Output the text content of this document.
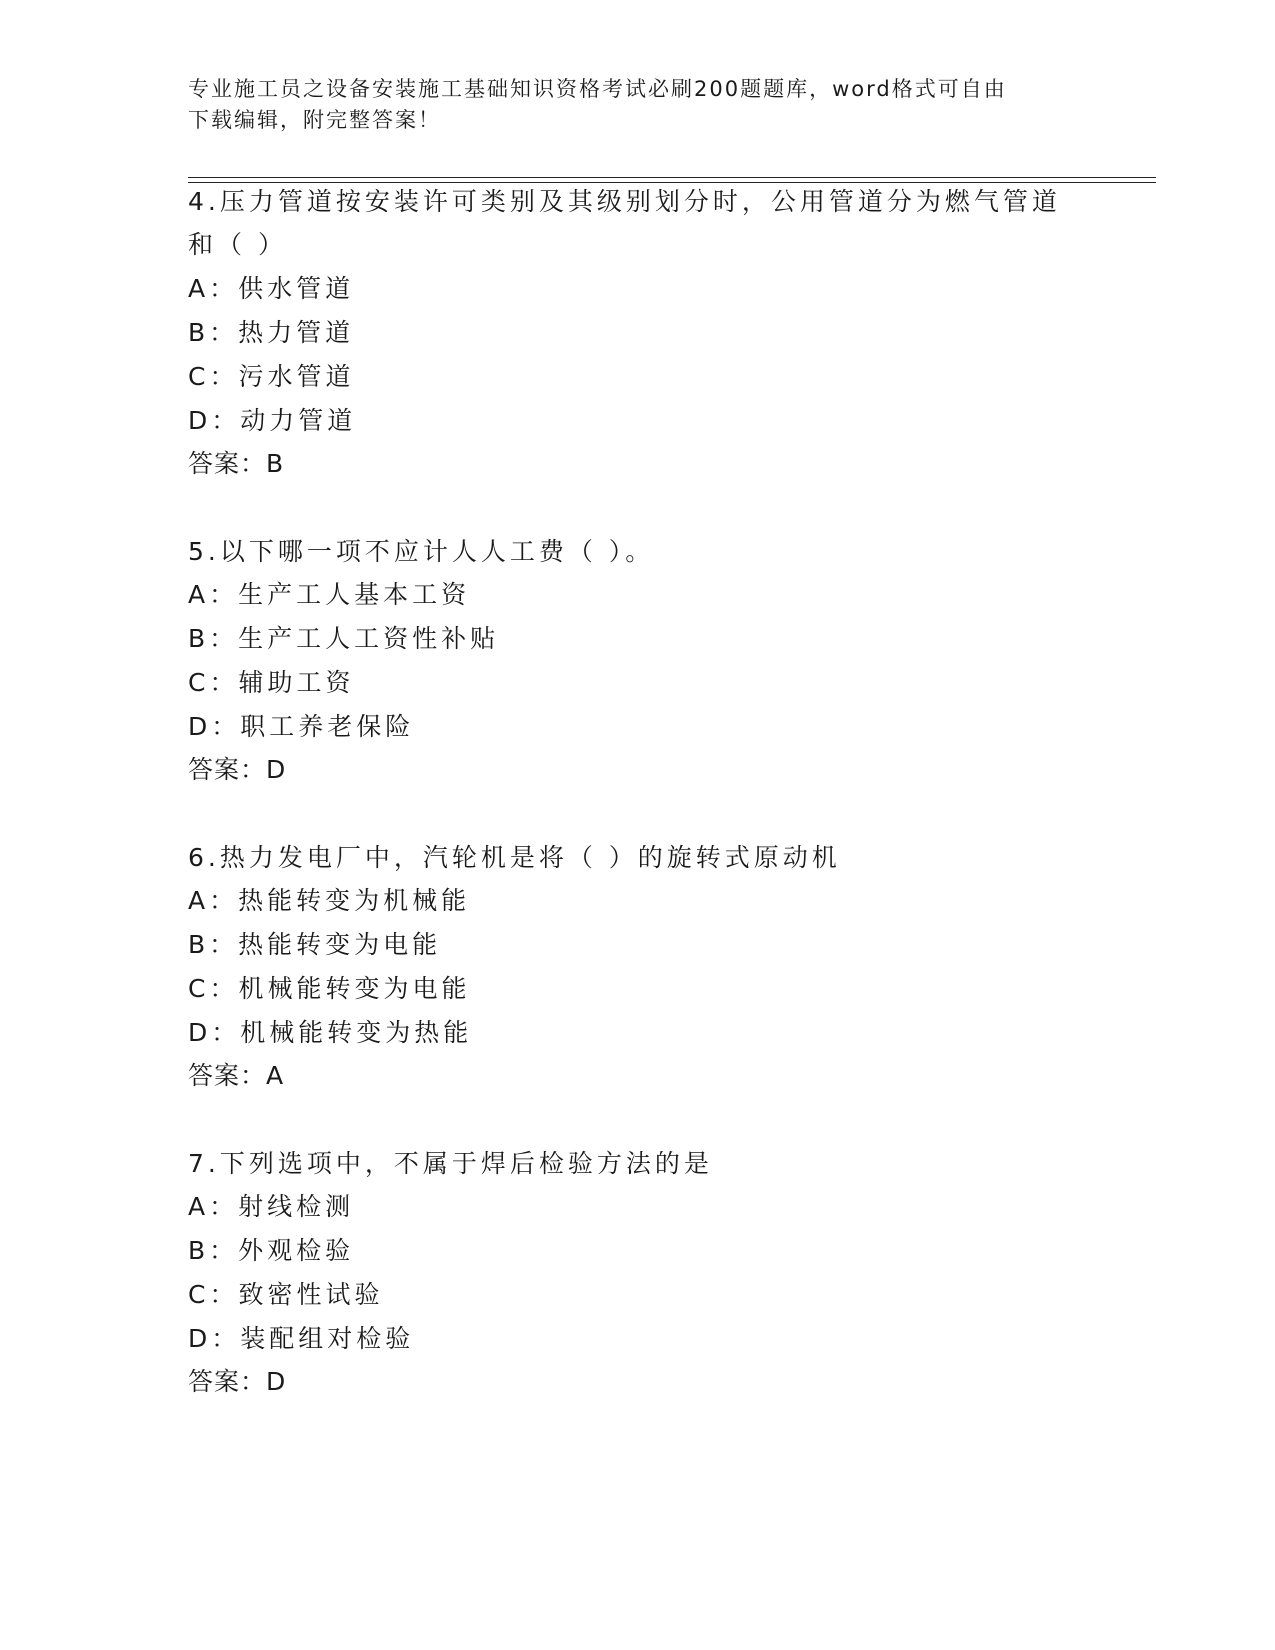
专业施工员之设备安装施工基础知识资格考试必刷200题题库，word格式可自由
下载编辑，附完整答案！
4.压力管道按安装许可类别及其级别划分时，公用管道分为燃气管道
和（ ）
A：供水管道
B：热力管道
C：污水管道
D：动力管道
答案：B
5.以下哪一项不应计人人工费（ ）。
A：生产工人基本工资
B：生产工人工资性补贴
C：辅助工资
D：职工养老保险
答案：D
6.热力发电厂中，汽轮机是将（ ）的旋转式原动机
A：热能转变为机械能
B：热能转变为电能
C：机械能转变为电能
D：机械能转变为热能
答案：A
7.下列选项中，不属于焊后检验方法的是
A：射线检测
B：外观检验
C：致密性试验
D：装配组对检验
答案：D
